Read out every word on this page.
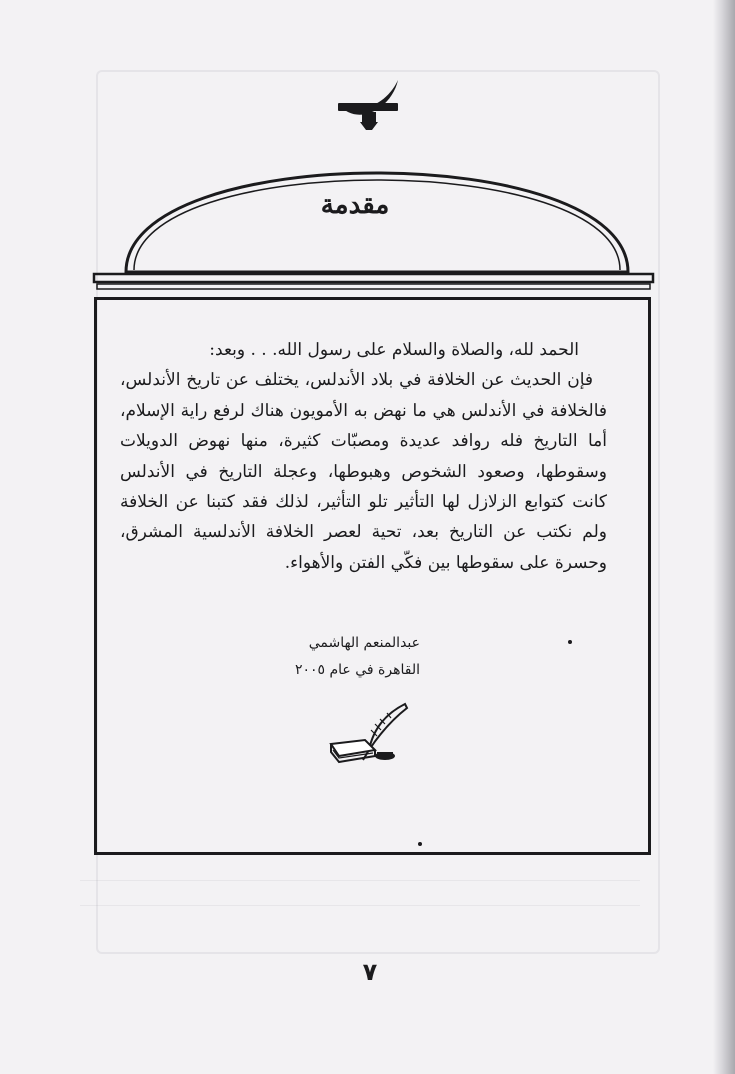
مقدمة

الحمد لله، والصلاة والسلام على رسول الله. . . وبعد:

فإن الحديث عن الخلافة في بلاد الأندلس، يختلف عن تاريخ الأندلس، فالخلافة في الأندلس هي ما نهض به الأمويون هناك لرفع راية الإسلام، أما التاريخ فله روافد عديدة ومصبّات كثيرة، منها نهوض الدويلات وسقوطها، وصعود الشخوص وهبوطها، وعجلة التاريخ في الأندلس كانت كتوابع الزلازل لها التأثير تلو التأثير، لذلك فقد كتبنا عن الخلافة ولم نكتب عن التاريخ بعد، تحية لعصر الخلافة الأندلسية المشرق، وحسرة على سقوطها بين فكّي الفتن والأهواء.

عبدالمنعم الهاشمي
القاهرة في عام ٢٠٠٥
٧
